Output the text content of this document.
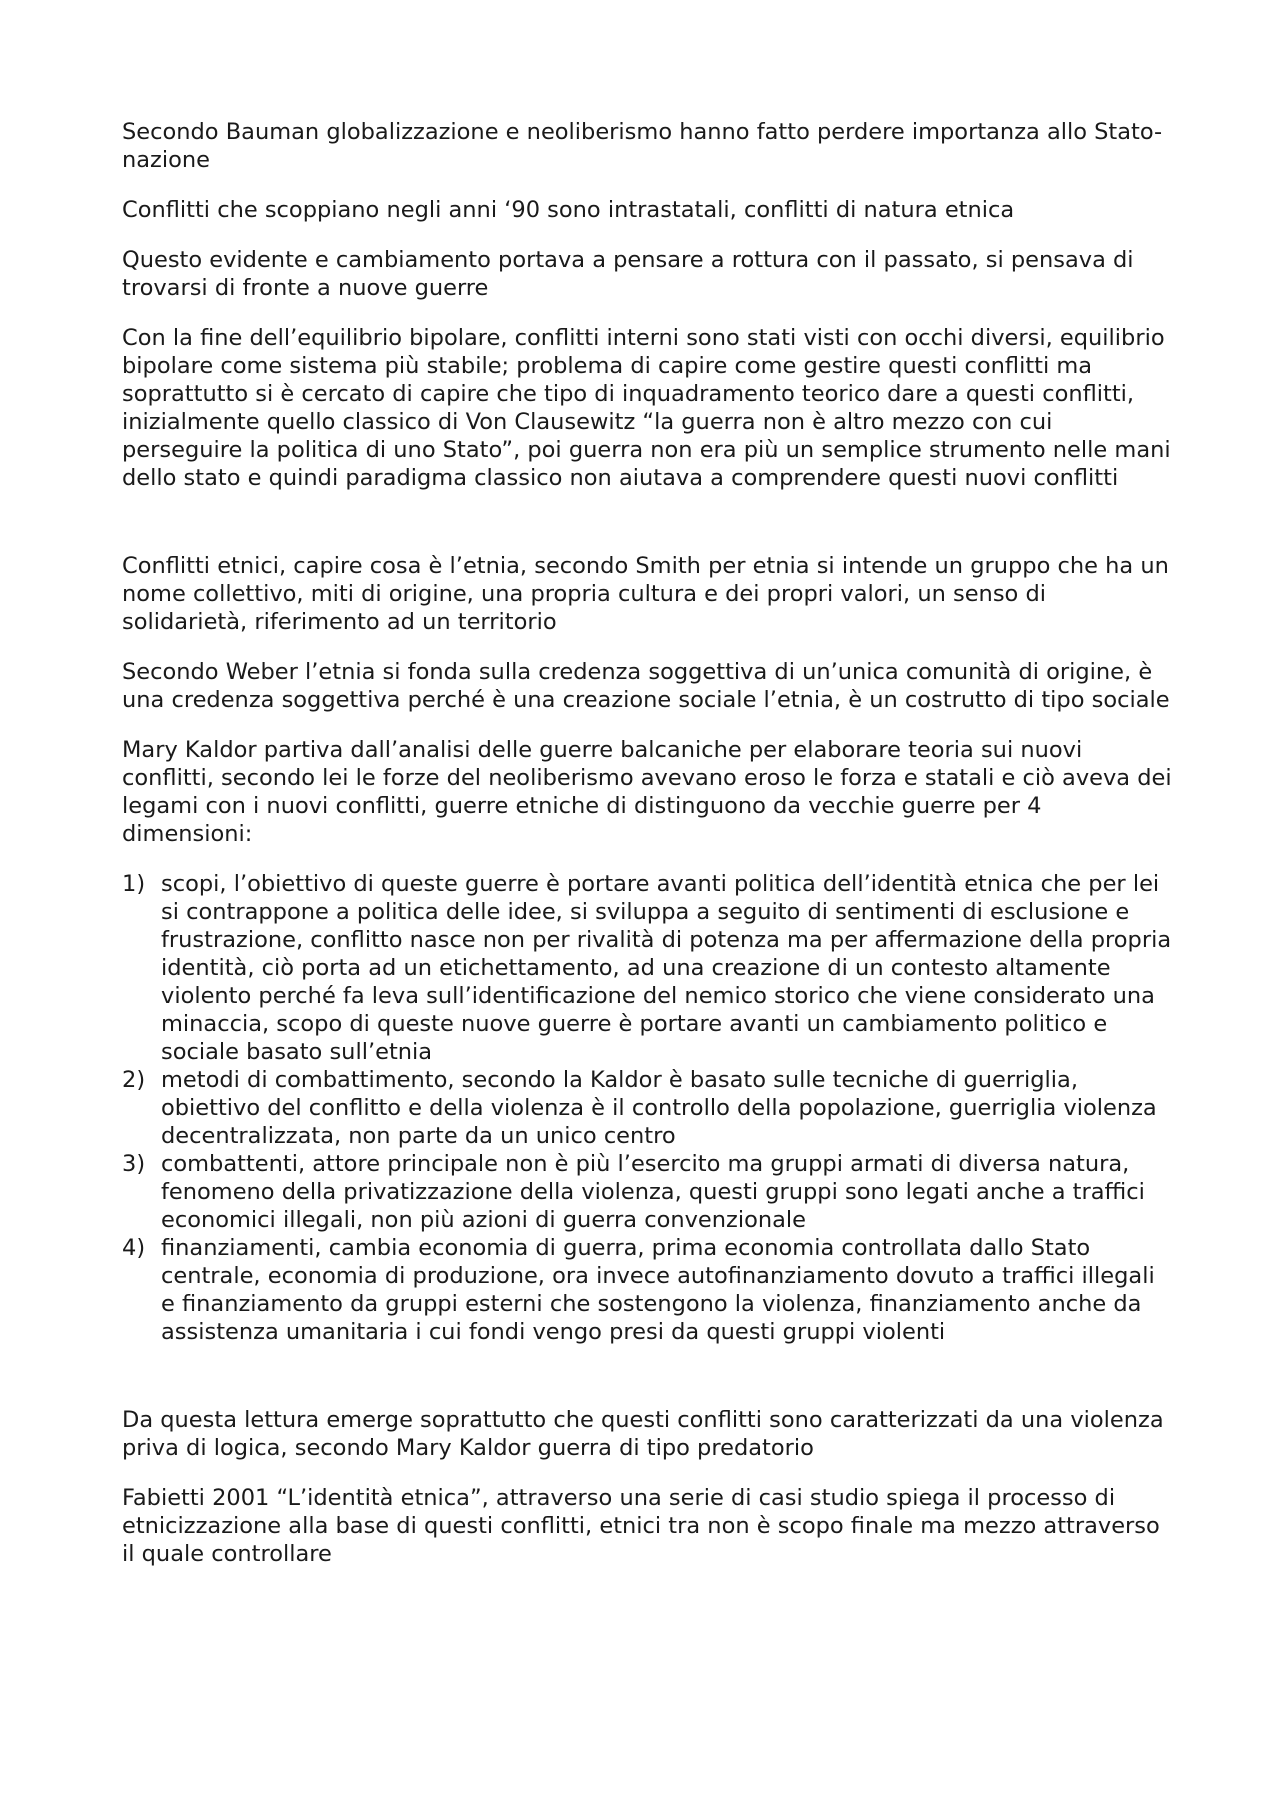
Secondo Bauman globalizzazione e neoliberismo hanno fatto perdere importanza allo Stato-nazione

Conflitti che scoppiano negli anni ‘90 sono intrastatali, conflitti di natura etnica

Questo evidente e cambiamento portava a pensare a rottura con il passato, si pensava di trovarsi di fronte a nuove guerre

Con la fine dell’equilibrio bipolare, conflitti interni sono stati visti con occhi diversi, equilibrio bipolare come sistema più stabile; problema di capire come gestire questi conflitti ma soprattutto si è cercato di capire che tipo di inquadramento teorico dare a questi conflitti, inizialmente quello classico di Von Clausewitz “la guerra non è altro mezzo con cui perseguire la politica di uno Stato”, poi guerra non era più un semplice strumento nelle mani dello stato e quindi paradigma classico non aiutava a comprendere questi nuovi conflitti

Conflitti etnici, capire cosa è l’etnia, secondo Smith per etnia si intende un gruppo che ha un nome collettivo, miti di origine, una propria cultura e dei propri valori, un senso di solidarietà, riferimento ad un territorio

Secondo Weber l’etnia si fonda sulla credenza soggettiva di un’unica comunità di origine, è una credenza soggettiva perché è una creazione sociale l’etnia, è un costrutto di tipo sociale

Mary Kaldor partiva dall’analisi delle guerre balcaniche per elaborare teoria sui nuovi conflitti, secondo lei le forze del neoliberismo avevano eroso le forza e statali e ciò aveva dei legami con i nuovi conflitti, guerre etniche di distinguono da vecchie guerre per 4 dimensioni:

1) scopi, l’obiettivo di queste guerre è portare avanti politica dell’identità etnica che per lei si contrappone a politica delle idee, si sviluppa a seguito di sentimenti di esclusione e frustrazione, conflitto nasce non per rivalità di potenza ma per affermazione della propria identità, ciò porta ad un etichettamento, ad una creazione di un contesto altamente violento perché fa leva sull’identificazione del nemico storico che viene considerato una minaccia, scopo di queste nuove guerre è portare avanti un cambiamento politico e sociale basato sull’etnia
2) metodi di combattimento, secondo la Kaldor è basato sulle tecniche di guerriglia, obiettivo del conflitto e della violenza è il controllo della popolazione, guerriglia violenza decentralizzata, non parte da un unico centro
3) combattenti, attore principale non è più l’esercito ma gruppi armati di diversa natura, fenomeno della privatizzazione della violenza, questi gruppi sono legati anche a traffici economici illegali, non più azioni di guerra convenzionale
4) finanziamenti, cambia economia di guerra, prima economia controllata dallo Stato centrale, economia di produzione, ora invece autofinanziamento dovuto a traffici illegali e finanziamento da gruppi esterni che sostengono la violenza, finanziamento anche da assistenza umanitaria i cui fondi vengo presi da questi gruppi violenti

Da questa lettura emerge soprattutto che questi conflitti sono caratterizzati da una violenza priva di logica, secondo Mary Kaldor guerra di tipo predatorio

Fabietti 2001 “L’identità etnica”, attraverso una serie di casi studio spiega il processo di etnicizzazione alla base di questi conflitti, etnici tra non è scopo finale ma mezzo attraverso il quale controllare
